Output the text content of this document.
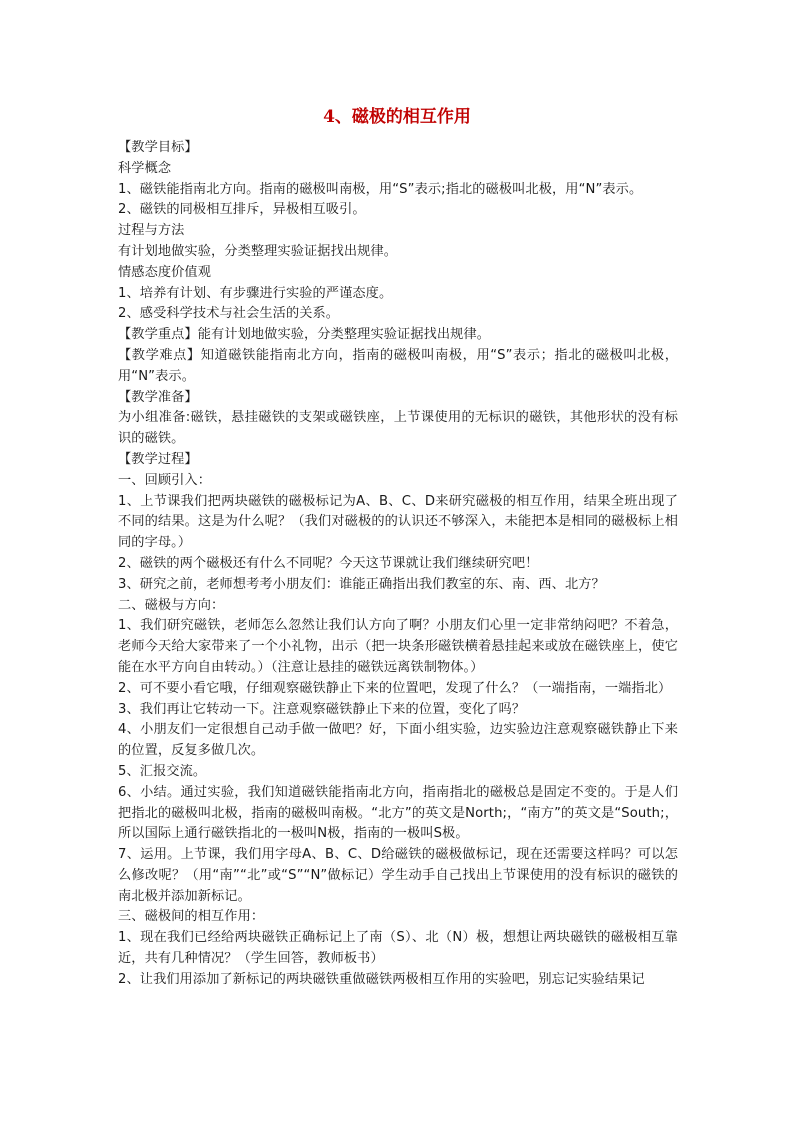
4、磁极的相互作用

【教学目标】

科学概念

1、磁铁能指南北方向。指南的磁极叫南极，用“S”表示;指北的磁极叫北极，用“N”表示。

2、磁铁的同极相互排斥，异极相互吸引。

过程与方法

有计划地做实验，分类整理实验证据找出规律。

情感态度价值观

1、培养有计划、有步骤进行实验的严谨态度。

2、感受科学技术与社会生活的关系。

【教学重点】能有计划地做实验，分类整理实验证据找出规律。

【教学难点】知道磁铁能指南北方向，指南的磁极叫南极，用“S”表示；指北的磁极叫北极，用“N”表示。

【教学准备】

为小组准备:磁铁，悬挂磁铁的支架或磁铁座，上节课使用的无标识的磁铁，其他形状的没有标识的磁铁。

【教学过程】

一、回顾引入：

1、上节课我们把两块磁铁的磁极标记为A、B、C、D来研究磁极的相互作用，结果全班出现了不同的结果。这是为什么呢？（我们对磁极的的认识还不够深入，未能把本是相同的磁极标上相同的字母。）

2、磁铁的两个磁极还有什么不同呢？今天这节课就让我们继续研究吧！

3、研究之前，老师想考考小朋友们：谁能正确指出我们教室的东、南、西、北方？

二、磁极与方向：

1、我们研究磁铁，老师怎么忽然让我们认方向了啊？小朋友们心里一定非常纳闷吧？不着急，老师今天给大家带来了一个小礼物，出示（把一块条形磁铁横着悬挂起来或放在磁铁座上，使它能在水平方向自由转动。）（注意让悬挂的磁铁远离铁制物体。）

2、可不要小看它哦，仔细观察磁铁静止下来的位置吧，发现了什么？（一端指南，一端指北）

3、我们再让它转动一下。注意观察磁铁静止下来的位置，变化了吗？

4、小朋友们一定很想自己动手做一做吧？好，下面小组实验，边实验边注意观察磁铁静止下来的位置，反复多做几次。

5、汇报交流。

6、小结。通过实验，我们知道磁铁能指南北方向，指南指北的磁极总是固定不变的。于是人们把指北的磁极叫北极，指南的磁极叫南极。“北方”的英文是North;，“南方”的英文是“South;，所以国际上通行磁铁指北的一极叫N极，指南的一极叫S极。

7、运用。上节课，我们用字母A、B、C、D给磁铁的磁极做标记，现在还需要这样吗？可以怎么修改呢？（用“南”“北”或“S”“N”做标记）学生动手自己找出上节课使用的没有标识的磁铁的南北极并添加新标记。

三、磁极间的相互作用：

1、现在我们已经给两块磁铁正确标记上了南（S）、北（N）极，想想让两块磁铁的磁极相互靠近，共有几种情况？（学生回答，教师板书）

2、让我们用添加了新标记的两块磁铁重做磁铁两极相互作用的实验吧，别忘记实验结果记
